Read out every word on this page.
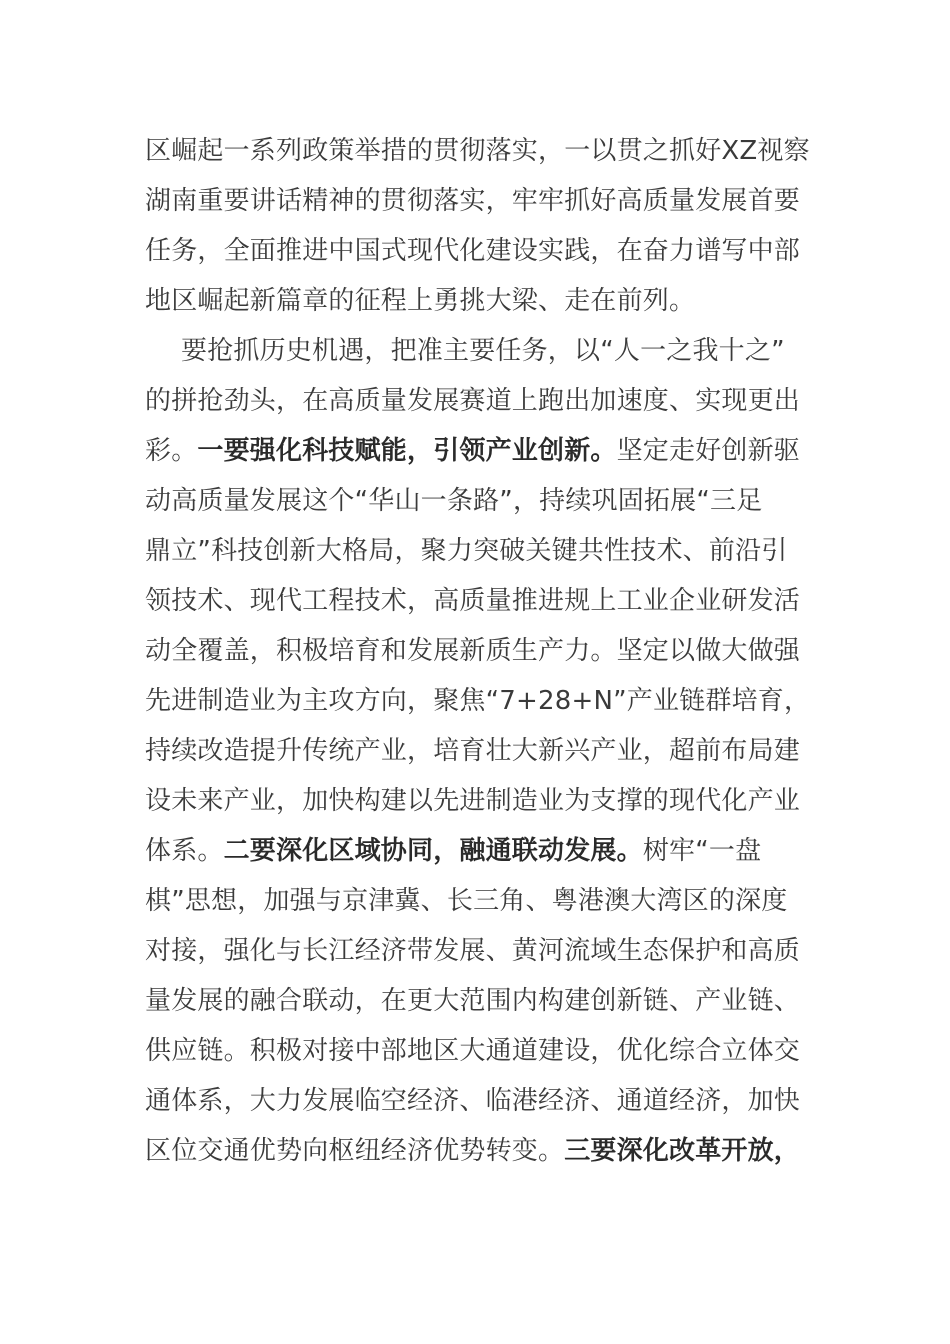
区崛起一系列政策举措的贯彻落实，一以贯之抓好XZ视察
湖南重要讲话精神的贯彻落实，牢牢抓好高质量发展首要
任务，全面推进中国式现代化建设实践，在奋力谱写中部
地区崛起新篇章的征程上勇挑大梁、走在前列。
要抢抓历史机遇，把准主要任务，以“人一之我十之”
的拼抢劲头，在高质量发展赛道上跑出加速度、实现更出
彩。一要强化科技赋能，引领产业创新。坚定走好创新驱
动高质量发展这个“华山一条路”，持续巩固拓展“三足
鼎立”科技创新大格局，聚力突破关键共性技术、前沿引
领技术、现代工程技术，高质量推进规上工业企业研发活
动全覆盖，积极培育和发展新质生产力。坚定以做大做强
先进制造业为主攻方向，聚焦“7+28+N”产业链群培育，
持续改造提升传统产业，培育壮大新兴产业，超前布局建
设未来产业，加快构建以先进制造业为支撑的现代化产业
体系。二要深化区域协同，融通联动发展。树牢“一盘
棋”思想，加强与京津冀、长三角、粤港澳大湾区的深度
对接，强化与长江经济带发展、黄河流域生态保护和高质
量发展的融合联动，在更大范围内构建创新链、产业链、
供应链。积极对接中部地区大通道建设，优化综合立体交
通体系，大力发展临空经济、临港经济、通道经济，加快
区位交通优势向枢纽经济优势转变。三要深化改革开放，
